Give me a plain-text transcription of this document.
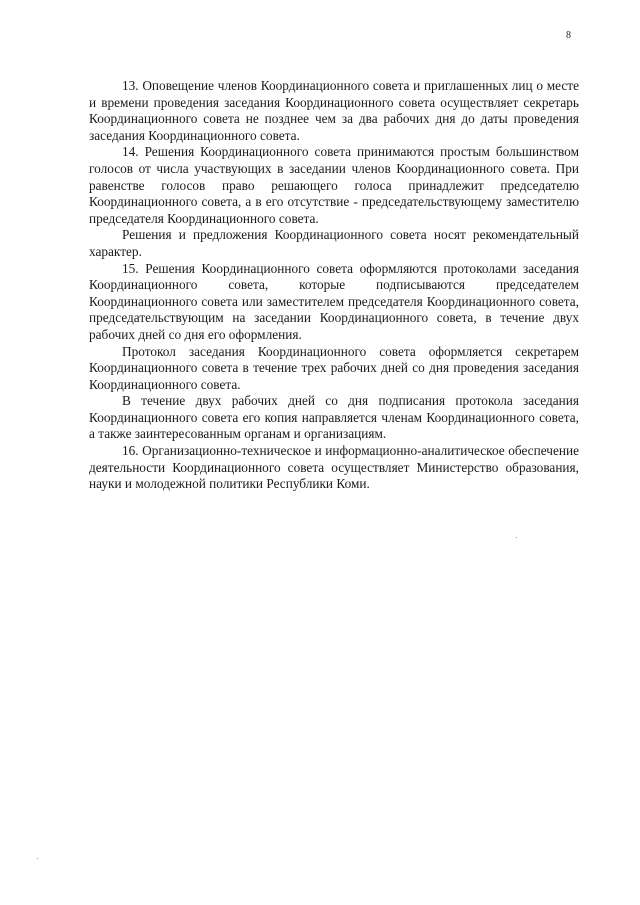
8

13. Оповещение членов Координационного совета и приглашенных лиц о месте и времени проведения заседания Координационного совета осуществляет секретарь Координационного совета не позднее чем за два рабочих дня до даты проведения заседания Координационного совета.

14. Решения Координационного совета принимаются простым большинством голосов от числа участвующих в заседании членов Координационного совета. При равенстве голосов право решающего голоса принадлежит председателю Координационного совета, а в его отсутствие - председательствующему заместителю председателя Координационного совета.

Решения и предложения Координационного совета носят рекомендательный характер.

15. Решения Координационного совета оформляются протоколами заседания Координационного совета, которые подписываются председателем Координационного совета или заместителем председателя Координационного совета, председательствующим на заседании Координационного совета, в течение двух рабочих дней со дня его оформления.

Протокол заседания Координационного совета оформляется секретарем Координационного совета в течение трех рабочих дней со дня проведения заседания Координационного совета.

В течение двух рабочих дней со дня подписания протокола заседания Координационного совета его копия направляется членам Координационного совета, а также заинтересованным органам и организациям.

16. Организационно-техническое и информационно-аналитическое обеспечение деятельности Координационного совета осуществляет Министерство образования, науки и молодежной политики Республики Коми.
